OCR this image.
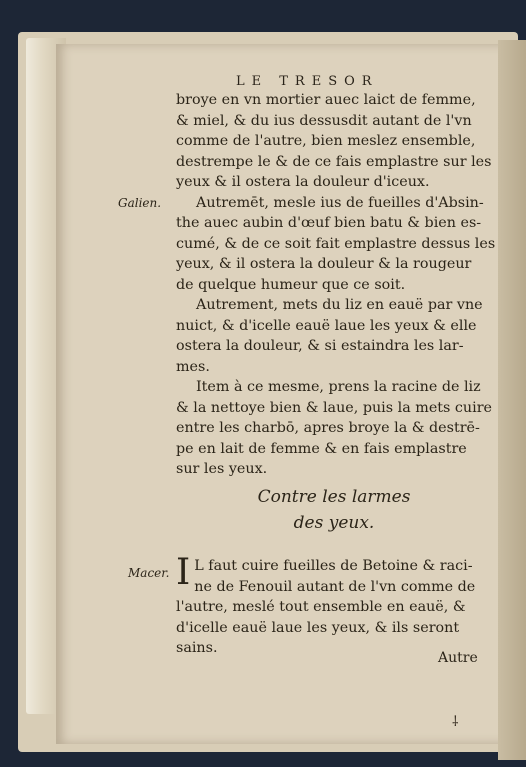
LE TRESOR
Galien.
Macer.
broye en vn mortier auec laict de femme,
& miel, & du ius dessusdit autant de l'vn
comme de l'autre, bien meslez ensemble,
destrempe le & de ce fais emplastre sur les
yeux & il ostera la douleur d'iceux.
Autremēt, mesle ius de fueilles d'Absin-
the auec aubin d'œuf bien batu & bien es-
cumé, & de ce soit fait emplastre dessus les
yeux, & il ostera la douleur & la rougeur
de quelque humeur que ce soit.
Autrement, mets du liz en eauë par vne
nuict, & d'icelle eauë laue les yeux & elle
ostera la douleur, & si estaindra les lar-
mes.
Item à ce mesme, prens la racine de liz
& la nettoye bien & laue, puis la mets cuire
entre les charbō, apres broye la & destrē-
pe en lait de femme & en fais emplastre
sur les yeux.
Contre les larmes
des yeux.
I L faut cuire fueilles de Betoine & raci-
ne de Fenouil autant de l'vn comme de
l'autre, meslé tout ensemble en eauë, &
d'icelle eauë laue les yeux, & ils seront
sains.
Autre
⸸
